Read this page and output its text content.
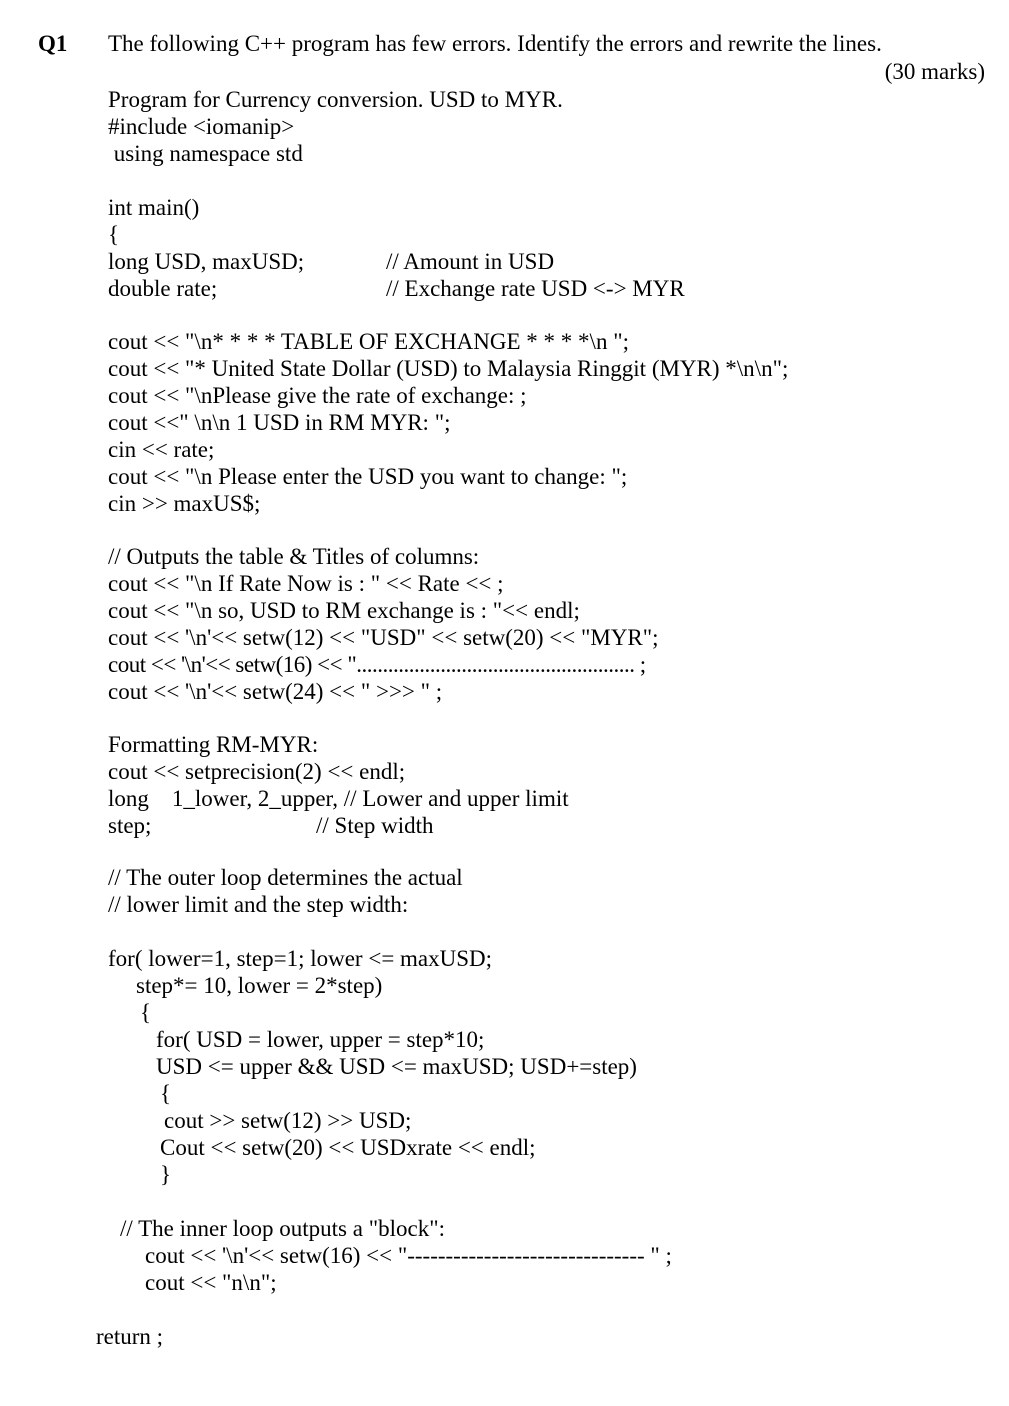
Q1 The following C++ program has few errors. Identify the errors and rewrite the lines.
(30 marks)
Program for Currency conversion. USD to MYR.
#include <iomanip>
using namespace std
int main()
{
long USD, maxUSD;	// Amount in USD
double rate;	// Exchange rate USD <-> MYR
cout << "\n* * * * TABLE OF EXCHANGE * * * *\n ";
cout << "* United State Dollar (USD) to Malaysia Ringgit (MYR) *\n\n";
cout << "\nPlease give the rate of exchange: ;
cout <<" \n\n 1 USD in RM MYR: ";
cin << rate;
cout << "\n Please enter the USD you want to change: ";
cin >> maxUS$;
// Outputs the table & Titles of columns:
cout << "\n If Rate Now is : " << Rate << ;
cout << "\n so, USD to RM exchange is : "<< endl;
cout << '\n'<< setw(12) << "USD" << setw(20) << "MYR";
cout << '\n'<< setw(16) << "..................................................... ;
cout << '\n'<< setw(24) << " >>> " ;
Formatting RM-MYR:
cout << setprecision(2) << endl;
long    1_lower, 2_upper, // Lower and upper limit
step;	// Step width
// The outer loop determines the actual
// lower limit and the step width:
for( lower=1, step=1; lower <= maxUSD;
step*= 10, lower = 2*step)
{
for( USD = lower, upper = step*10;
USD <= upper && USD <= maxUSD; USD+=step)
{
cout >> setw(12) >> USD;
Cout << setw(20) << USDxrate << endl;
}
// The inner loop outputs a "block":
cout << '\n'<< setw(16) << "------------------------------- " ;
cout << "n\n";
return ;
